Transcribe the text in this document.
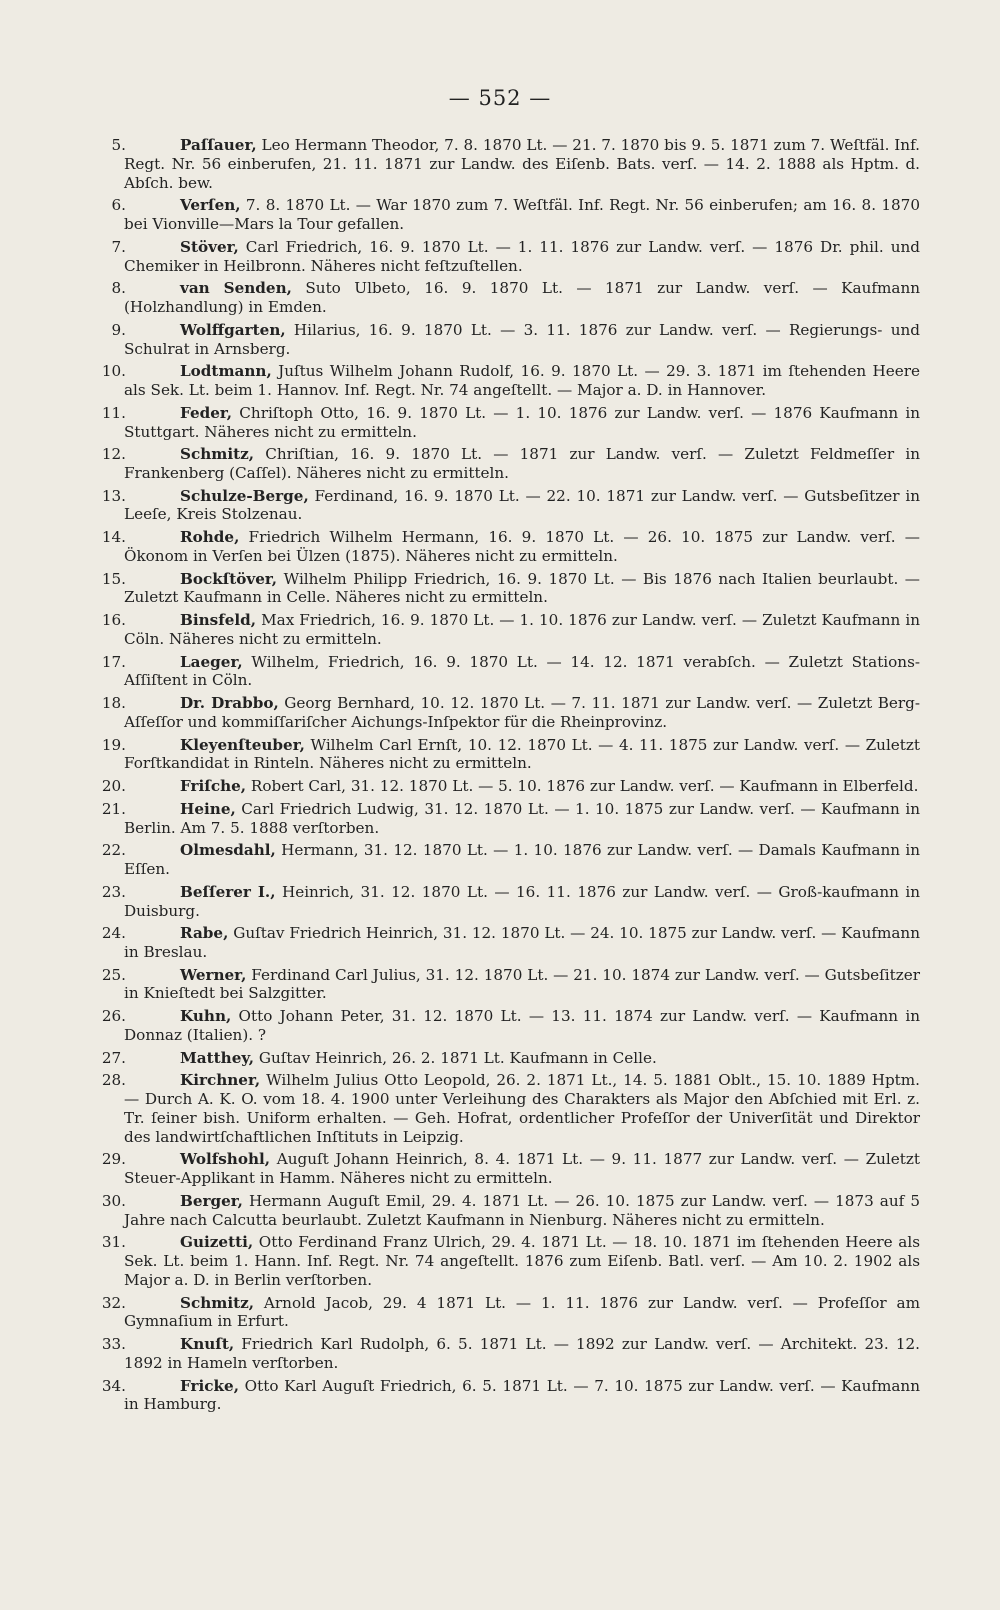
— 552 —
5.	Paſſauer, Leo Hermann Theodor, 7. 8. 1870 Lt. — 21. 7. 1870 bis 9. 5. 1871 zum 7. Weſtfäl. Inf. Regt. Nr. 56 einberufen, 21. 11. 1871 zur Landw. des Eiſenb. Bats. verſ. — 14. 2. 1888 als Hptm. d. Abſch. bew.
6.	Verſen, 7. 8. 1870 Lt. — War 1870 zum 7. Weſtfäl. Inf. Regt. Nr. 56 einberufen; am 16. 8. 1870 bei Vionville—Mars la Tour gefallen.
7.	Stöver, Carl Friedrich, 16. 9. 1870 Lt. — 1. 11. 1876 zur Landw. verſ. — 1876 Dr. phil. und Chemiker in Heilbronn. Näheres nicht feſtzuſtellen.
8.	van Senden, Suto Ulbeto, 16. 9. 1870 Lt. — 1871 zur Landw. verſ. — Kaufmann (Holzhandlung) in Emden.
9.	Wolffgarten, Hilarius, 16. 9. 1870 Lt. — 3. 11. 1876 zur Landw. verſ. — Regierungs- und Schulrat in Arnsberg.
10.	Lodtmann, Juſtus Wilhelm Johann Rudolf, 16. 9. 1870 Lt. — 29. 3. 1871 im ſtehenden Heere als Sek. Lt. beim 1. Hannov. Inf. Regt. Nr. 74 angeſtellt. — Major a. D. in Hannover.
11.	Feder, Chriſtoph Otto, 16. 9. 1870 Lt. — 1. 10. 1876 zur Landw. verſ. — 1876 Kaufmann in Stuttgart. Näheres nicht zu ermitteln.
12.	Schmitz, Chriſtian, 16. 9. 1870 Lt. — 1871 zur Landw. verſ. — Zuletzt Feldmeſſer in Frankenberg (Caſſel). Näheres nicht zu ermitteln.
13.	Schulze-Berge, Ferdinand, 16. 9. 1870 Lt. — 22. 10. 1871 zur Landw. verſ. — Gutsbeſitzer in Leeſe, Kreis Stolzenau.
14.	Rohde, Friedrich Wilhelm Hermann, 16. 9. 1870 Lt. — 26. 10. 1875 zur Landw. verſ. — Ökonom in Verſen bei Ülzen (1875). Näheres nicht zu ermitteln.
15.	Bockſtöver, Wilhelm Philipp Friedrich, 16. 9. 1870 Lt. — Bis 1876 nach Italien beurlaubt. — Zuletzt Kaufmann in Celle. Näheres nicht zu ermitteln.
16.	Binsfeld, Max Friedrich, 16. 9. 1870 Lt. — 1. 10. 1876 zur Landw. verſ. — Zuletzt Kaufmann in Cöln. Näheres nicht zu ermitteln.
17.	Laeger, Wilhelm, Friedrich, 16. 9. 1870 Lt. — 14. 12. 1871 verabſch. — Zuletzt Stations-Aſſiſtent in Cöln.
18.	Dr. Drabbo, Georg Bernhard, 10. 12. 1870 Lt. — 7. 11. 1871 zur Landw. verſ. — Zuletzt Berg-Aſſeſſor und kommiſſariſcher Aichungs-Inſpektor für die Rheinprovinz.
19.	Kleyenſteuber, Wilhelm Carl Ernſt, 10. 12. 1870 Lt. — 4. 11. 1875 zur Landw. verſ. — Zuletzt Forſtkandidat in Rinteln. Näheres nicht zu ermitteln.
20.	Friſche, Robert Carl, 31. 12. 1870 Lt. — 5. 10. 1876 zur Landw. verſ. — Kaufmann in Elberfeld.
21.	Heine, Carl Friedrich Ludwig, 31. 12. 1870 Lt. — 1. 10. 1875 zur Landw. verſ. — Kaufmann in Berlin. Am 7. 5. 1888 verſtorben.
22.	Olmesdahl, Hermann, 31. 12. 1870 Lt. — 1. 10. 1876 zur Landw. verſ. — Damals Kaufmann in Eſſen.
23.	Beſſerer I., Heinrich, 31. 12. 1870 Lt. — 16. 11. 1876 zur Landw. verſ. — Groß-kaufmann in Duisburg.
24.	Rabe, Guſtav Friedrich Heinrich, 31. 12. 1870 Lt. — 24. 10. 1875 zur Landw. verſ. — Kaufmann in Breslau.
25.	Werner, Ferdinand Carl Julius, 31. 12. 1870 Lt. — 21. 10. 1874 zur Landw. verſ. — Gutsbeſitzer in Knieſtedt bei Salzgitter.
26.	Kuhn, Otto Johann Peter, 31. 12. 1870 Lt. — 13. 11. 1874 zur Landw. verſ. — Kaufmann in Donnaz (Italien). ?
27.	Matthey, Guſtav Heinrich, 26. 2. 1871 Lt. Kaufmann in Celle.
28.	Kirchner, Wilhelm Julius Otto Leopold, 26. 2. 1871 Lt., 14. 5. 1881 Oblt., 15. 10. 1889 Hptm. — Durch A. K. O. vom 18. 4. 1900 unter Verleihung des Charakters als Major den Abſchied mit Erl. z. Tr. ſeiner bish. Uniform erhalten. — Geh. Hofrat, ordentlicher Profeſſor der Univerſität und Direktor des landwirtſchaftlichen Inſtituts in Leipzig.
29.	Wolfshohl, Auguſt Johann Heinrich, 8. 4. 1871 Lt. — 9. 11. 1877 zur Landw. verſ. — Zuletzt Steuer-Applikant in Hamm. Näheres nicht zu ermitteln.
30.	Berger, Hermann Auguſt Emil, 29. 4. 1871 Lt. — 26. 10. 1875 zur Landw. verſ. — 1873 auf 5 Jahre nach Calcutta beurlaubt. Zuletzt Kaufmann in Nienburg. Näheres nicht zu ermitteln.
31.	Guizetti, Otto Ferdinand Franz Ulrich, 29. 4. 1871 Lt. — 18. 10. 1871 im ſtehenden Heere als Sek. Lt. beim 1. Hann. Inf. Regt. Nr. 74 angeſtellt. 1876 zum Eiſenb. Batl. verſ. — Am 10. 2. 1902 als Major a. D. in Berlin verſtorben.
32.	Schmitz, Arnold Jacob, 29. 4 1871 Lt. — 1. 11. 1876 zur Landw. verſ. — Profeſſor am Gymnaſium in Erfurt.
33.	Knuſt, Friedrich Karl Rudolph, 6. 5. 1871 Lt. — 1892 zur Landw. verſ. — Architekt. 23. 12. 1892 in Hameln verſtorben.
34.	Fricke, Otto Karl Auguſt Friedrich, 6. 5. 1871 Lt. — 7. 10. 1875 zur Landw. verſ. — Kaufmann in Hamburg.
